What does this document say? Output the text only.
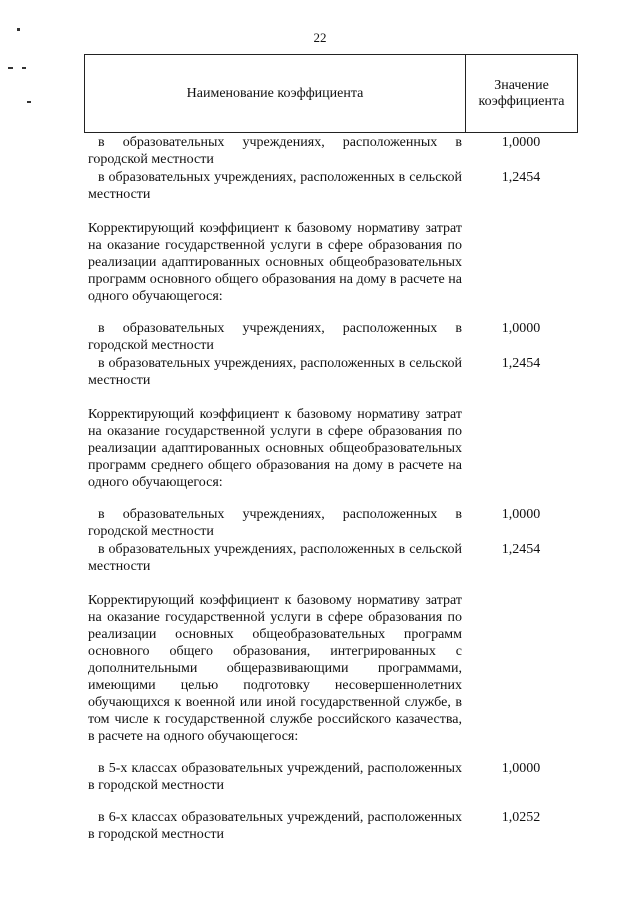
22
Наименование коэффициента
Значение
коэффициента
в образовательных учреждениях, расположенных в городской местности
1,0000
в образовательных учреждениях, расположенных в сельской местности
1,2454
Корректирующий коэффициент к базовому нормативу затрат на оказание государственной услуги в сфере образования по реализации адаптированных основных общеобразовательных программ основного общего образования на дому в расчете на одного обучающегося:
в образовательных учреждениях, расположенных в городской местности
1,0000
в образовательных учреждениях, расположенных в сельской местности
1,2454
Корректирующий коэффициент к базовому нормативу затрат на оказание государственной услуги в сфере образования по реализации адаптированных основных общеобразовательных программ среднего общего образования на дому в расчете на одного обучающегося:
в образовательных учреждениях, расположенных в городской местности
1,0000
в образовательных учреждениях, расположенных в сельской местности
1,2454
Корректирующий коэффициент к базовому нормативу затрат на оказание государственной услуги в сфере образования по реализации основных общеобразовательных программ основного общего образования, интегрированных с дополнительными общеразвивающими программами, имеющими целью подготовку несовершеннолетних обучающихся к военной или иной государственной службе, в том числе к государственной службе российского казачества, в расчете на одного обучающегося:
в 5-х классах образовательных учреждений, расположенных в городской местности
1,0000
в 6-х классах образовательных учреждений, расположенных в городской местности
1,0252
